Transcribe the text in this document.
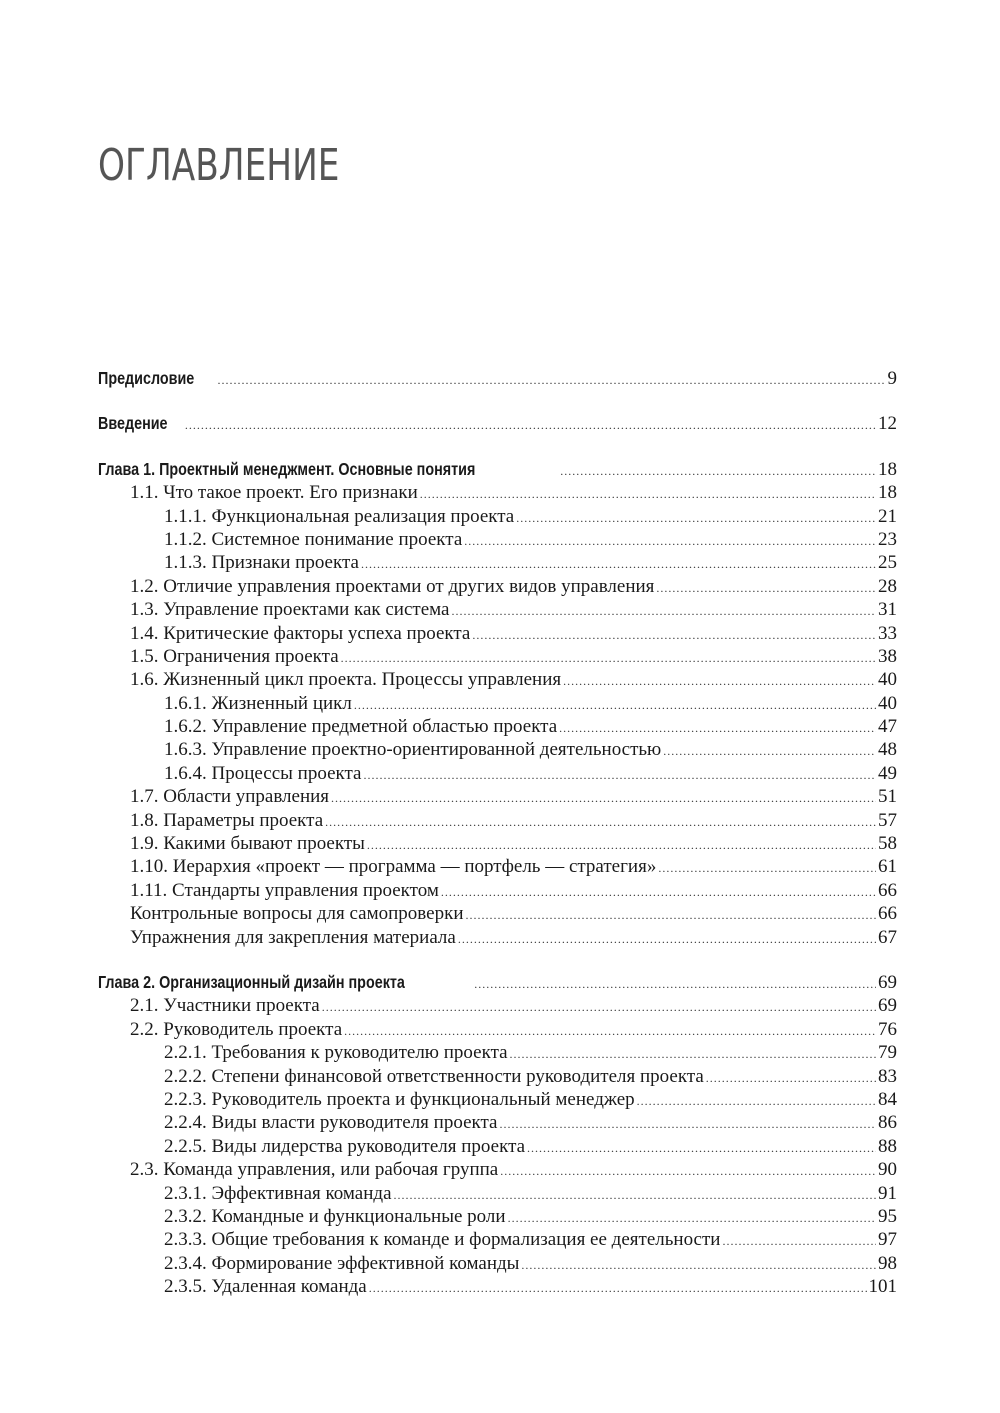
ОГЛАВЛЕНИЕ
Предисловие .....	9
Введение .....	12
Глава 1. Проектный менеджмент. Основные понятия .....	18
1.1. Что такое проект. Его признаки .....	18
1.1.1. Функциональная реализация проекта .....	21
1.1.2. Системное понимание проекта .....	23
1.1.3. Признаки проекта .....	25
1.2. Отличие управления проектами от других видов управления .....	28
1.3. Управление проектами как система .....	31
1.4. Критические факторы успеха проекта .....	33
1.5. Ограничения проекта .....	38
1.6. Жизненный цикл проекта. Процессы управления .....	40
1.6.1. Жизненный цикл .....	40
1.6.2. Управление предметной областью проекта .....	47
1.6.3. Управление проектно-ориентированной деятельностью .....	48
1.6.4. Процессы проекта .....	49
1.7. Области управления .....	51
1.8. Параметры проекта .....	57
1.9. Какими бывают проекты .....	58
1.10. Иерархия «проект — программа — портфель — стратегия» .....	61
1.11. Стандарты управления проектом .....	66
Контрольные вопросы для самопроверки .....	66
Упражнения для закрепления материала .....	67
Глава 2. Организационный дизайн проекта .....	69
2.1. Участники проекта .....	69
2.2. Руководитель проекта .....	76
2.2.1. Требования к руководителю проекта .....	79
2.2.2. Степени финансовой ответственности руководителя проекта .....	83
2.2.3. Руководитель проекта и функциональный менеджер .....	84
2.2.4. Виды власти руководителя проекта .....	86
2.2.5. Виды лидерства руководителя проекта .....	88
2.3. Команда управления, или рабочая группа .....	90
2.3.1. Эффективная команда .....	91
2.3.2. Командные и функциональные роли .....	95
2.3.3. Общие требования к команде и формализация ее деятельности .....	97
2.3.4. Формирование эффективной команды .....	98
2.3.5. Удаленная команда .....	101
